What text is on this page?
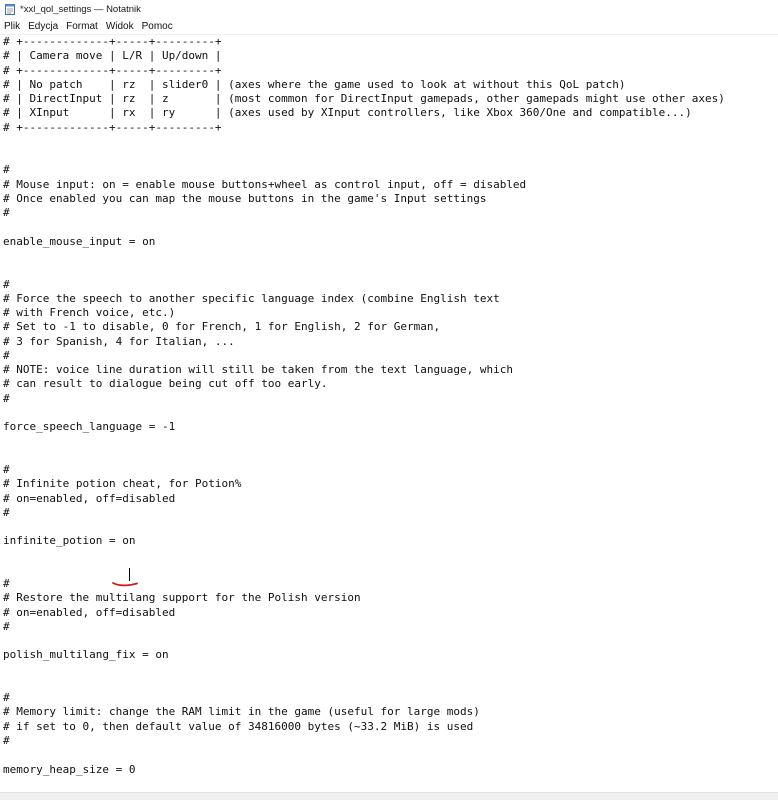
*xxl_qol_settings — Notatnik
Plik Edycja Format Widok Pomoc
# +-------------+-----+---------+
# | Camera move | L/R | Up/down |
# +-------------+-----+---------+
# | No patch    | rz  | slider0 | (axes where the game used to look at without this QoL patch)
# | DirectInput | rz  | z       | (most common for DirectInput gamepads, other gamepads might use other axes)
# | XInput      | rx  | ry      | (axes used by XInput controllers, like Xbox 360/One and compatible...)
# +-------------+-----+---------+
#
# Mouse input: on = enable mouse buttons+wheel as control input, off = disabled
# Once enabled you can map the mouse buttons in the game's Input settings
#
enable_mouse_input = on
#
# Force the speech to another specific language index (combine English text
# with French voice, etc.)
# Set to -1 to disable, 0 for French, 1 for English, 2 for German,
# 3 for Spanish, 4 for Italian, ...
#
# NOTE: voice line duration will still be taken from the text language, which
# can result to dialogue being cut off too early.
#
force_speech_language = -1
#
# Infinite potion cheat, for Potion%
# on=enabled, off=disabled
#
infinite_potion = on
#
# Restore the multilang support for the Polish version
# on=enabled, off=disabled
#
polish_multilang_fix = on
#
# Memory limit: change the RAM limit in the game (useful for large mods)
# if set to 0, then default value of 34816000 bytes (~33.2 MiB) is used
#
memory_heap_size = 0
